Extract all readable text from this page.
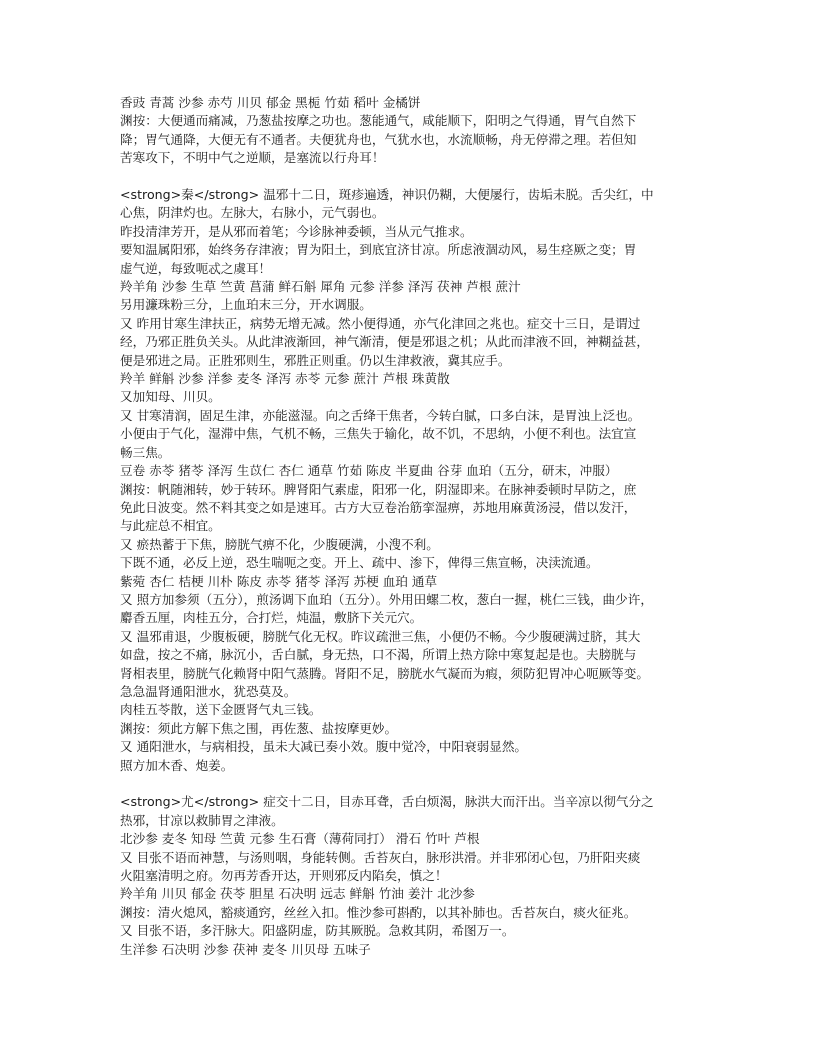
香豉 青蒿 沙参 赤芍 川贝 郁金 黑栀 竹茹 稻叶 金橘饼

渊按：大便通而痛减，乃葱盐按摩之功也。葱能通气，咸能顺下，阳明之气得通，胃气自然下

降；胃气通降，大便无有不通者。夫便犹舟也，气犹水也，水流顺畅，舟无停滞之理。若但知

苦寒攻下，不明中气之逆顺，是塞流以行舟耳！

<strong>秦</strong> 温邪十二日，斑疹遍透，神识仍糊，大便屡行，齿垢未脱。舌尖红，中

心焦，阴津灼也。左脉大，右脉小，元气弱也。

昨投清津芳开，是从邪而着笔；今诊脉神委顿，当从元气推求。

要知温属阳邪，始终务存津液；胃为阳土，到底宜济甘凉。所虑液涸动风，易生痉厥之变；胃

虚气逆，每致呃忒之虞耳！

羚羊角 沙参 生草 竺黄 菖蒲 鲜石斛 犀角 元参 洋参 泽泻 茯神 芦根 蔗汁

另用濂珠粉三分，上血珀末三分，开水调服。

又 昨用甘寒生津扶正，病势无增无减。然小便得通，亦气化津回之兆也。症交十三日，是谓过

经，乃邪正胜负关头。从此津液渐回，神气渐清，便是邪退之机；从此而津液不回，神糊益甚，

便是邪进之局。正胜邪则生，邪胜正则重。仍以生津救液，冀其应手。

羚羊 鲜斛 沙参 洋参 麦冬 泽泻 赤苓 元参 蔗汁 芦根 珠黄散

又加知母、川贝。

又 甘寒清润，固足生津，亦能滋湿。向之舌绛干焦者，今转白腻，口多白沫，是胃浊上泛也。

小便由于气化，湿滞中焦，气机不畅，三焦失于输化，故不饥，不思纳，小便不利也。法宜宣

畅三焦。

豆卷 赤苓 猪苓 泽泻 生苡仁 杏仁 通草 竹茹 陈皮 半夏曲 谷芽 血珀（五分，研末，冲服）

渊按：帆随湘转，妙于转环。脾肾阳气素虚，阳邪一化，阴湿即来。在脉神委顿时早防之，庶

免此日波变。然不料其变之如是速耳。古方大豆卷治筋挛湿痹，苏地用麻黄汤浸，借以发汗，

与此症总不相宜。

又 瘀热蓄于下焦，膀胱气痹不化，少腹硬满，小溲不利。

下既不通，必反上逆，恐生喘呃之变。开上、疏中、渗下，俾得三焦宣畅，决渎流通。

紫菀 杏仁 桔梗 川朴 陈皮 赤苓 猪苓 泽泻 苏梗 血珀 通草

又 照方加参须（五分），煎汤调下血珀（五分）。外用田螺二枚，葱白一握，桃仁三钱，曲少许，

麝香五厘，肉桂五分，合打烂，炖温，敷脐下关元穴。

又 温邪甫退，少腹板硬，膀胱气化无权。昨议疏泄三焦，小便仍不畅。今少腹硬满过脐，其大

如盘，按之不痛，脉沉小，舌白腻，身无热，口不渴，所谓上热方除中寒复起是也。夫膀胱与

肾相表里，膀胱气化赖肾中阳气蒸腾。肾阳不足，膀胱水气凝而为瘕，须防犯胃冲心呃厥等变。

急急温肾通阳泄水，犹恐莫及。

肉桂五苓散，送下金匮肾气丸三钱。

渊按：须此方解下焦之围，再佐葱、盐按摩更妙。

又 通阳泄水，与病相投，虽未大减已奏小效。腹中觉冷，中阳衰弱显然。

照方加木香、炮姜。

<strong>尤</strong> 症交十二日，目赤耳聋，舌白烦渴，脉洪大而汗出。当辛凉以彻气分之

热邪，甘凉以救肺胃之津液。

北沙参 麦冬 知母 竺黄 元参 生石膏（薄荷同打） 滑石 竹叶 芦根

又 目张不语而神慧，与汤则咽，身能转侧。舌苔灰白，脉形洪滑。并非邪闭心包，乃肝阳夹痰

火阻塞清明之府。勿再芳香开达，开则邪反内陷矣，慎之！

羚羊角 川贝 郁金 茯苓 胆星 石决明 远志 鲜斛 竹油 姜汁 北沙参

渊按：清火熄风，豁痰通窍，丝丝入扣。惟沙参可斟酌，以其补肺也。舌苔灰白，痰火征兆。

又 目张不语，多汗脉大。阳盛阴虚，防其厥脱。急救其阴，希图万一。

生洋参 石决明 沙参 茯神 麦冬 川贝母 五味子
